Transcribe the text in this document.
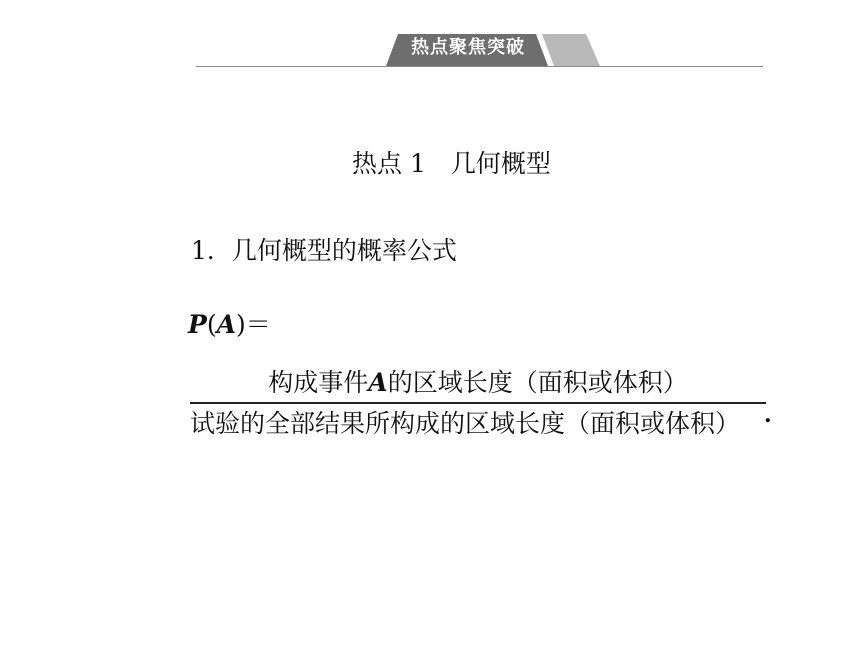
热点聚焦突破
热点 1　几何概型
1．几何概型的概率公式
P(A)＝
构成事件A的区域长度（面积或体积）
试验的全部结果所构成的区域长度（面积或体积）	.
